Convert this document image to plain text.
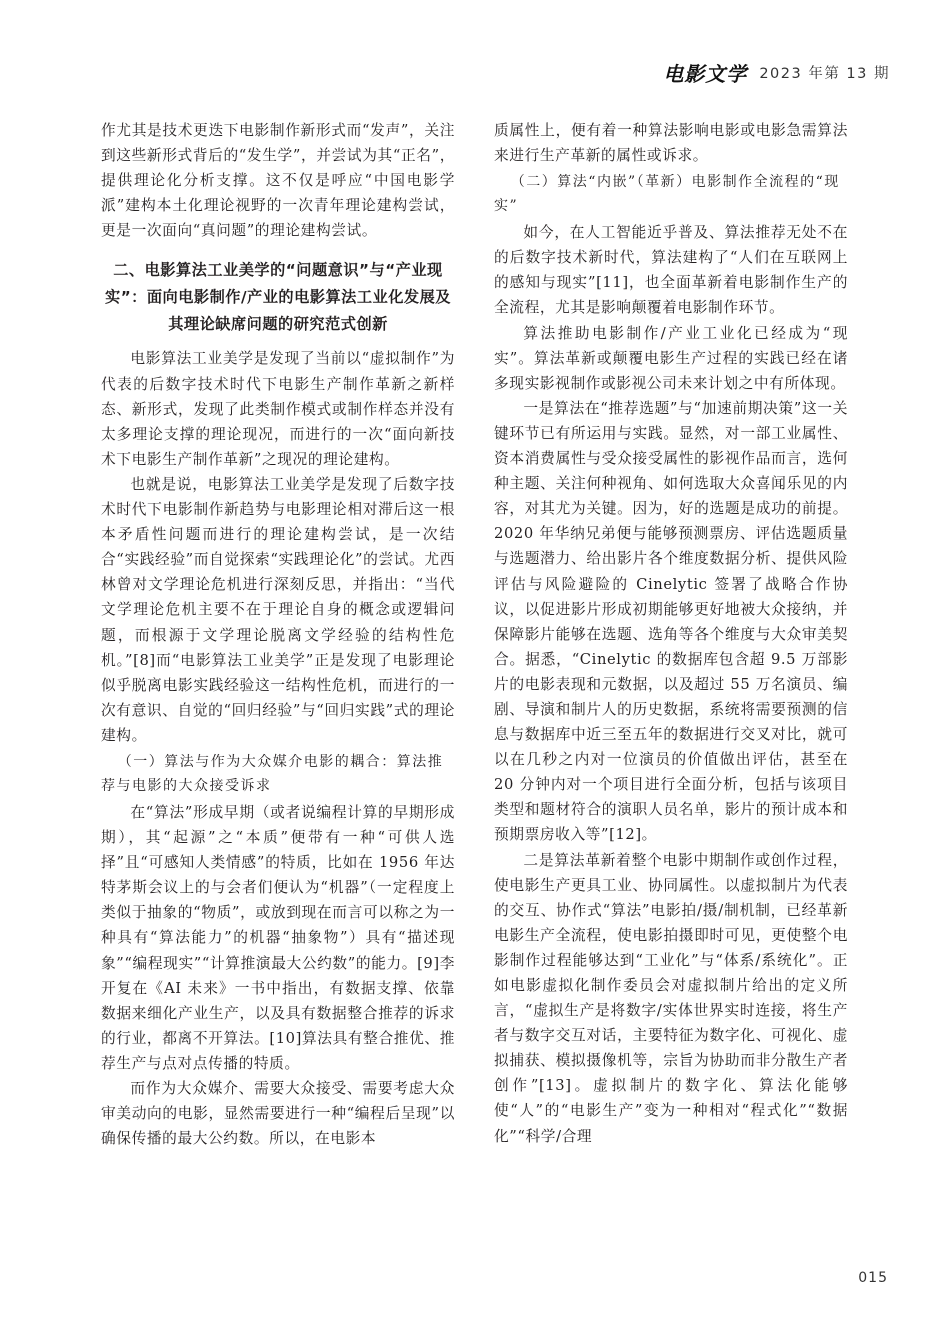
电影文学 2023 年第 13 期

作尤其是技术更迭下电影制作新形式而“发声”，关注到这些新形式背后的“发生学”，并尝试为其“正名”，提供理论化分析支撑。这不仅是呼应“中国电影学派”建构本土化理论视野的一次青年理论建构尝试，更是一次面向“真问题”的理论建构尝试。

二、电影算法工业美学的“问题意识”与“产业现实”：面向电影制作/产业的电影算法工业化发展及其理论缺席问题的研究范式创新

电影算法工业美学是发现了当前以“虚拟制作”为代表的后数字技术时代下电影生产制作革新之新样态、新形式，发现了此类制作模式或制作样态并没有太多理论支撑的理论现况，而进行的一次“面向新技术下电影生产制作革新”之现况的理论建构。

也就是说，电影算法工业美学是发现了后数字技术时代下电影制作新趋势与电影理论相对滞后这一根本矛盾性问题而进行的理论建构尝试，是一次结合“实践经验”而自觉探索“实践理论化”的尝试。尤西林曾对文学理论危机进行深刻反思，并指出：“当代文学理论危机主要不在于理论自身的概念或逻辑问题，而根源于文学理论脱离文学经验的结构性危机。”[8]而“电影算法工业美学”正是发现了电影理论似乎脱离电影实践经验这一结构性危机，而进行的一次有意识、自觉的“回归经验”与“回归实践”式的理论建构。

（一）算法与作为大众媒介电影的耦合：算法推荐与电影的大众接受诉求

在“算法”形成早期（或者说编程计算的早期形成期），其“起源”之“本质”便带有一种“可供人选择”且“可感知人类情感”的特质，比如在 1956 年达特茅斯会议上的与会者们便认为“机器”（一定程度上类似于抽象的“物质”，或放到现在而言可以称之为一种具有“算法能力”的机器“抽象物”）具有“描述现象”“编程现实”“计算推演最大公约数”的能力。[9]李开复在《AI 未来》一书中指出，有数据支撑、依靠数据来细化产业生产，以及具有数据整合推荐的诉求的行业，都离不开算法。[10]算法具有整合推优、推荐生产与点对点传播的特质。

而作为大众媒介、需要大众接受、需要考虑大众审美动向的电影，显然需要进行一种“编程后呈现”以确保传播的最大公约数。所以，在电影本

质属性上，便有着一种算法影响电影或电影急需算法来进行生产革新的属性或诉求。

（二）算法“内嵌”（革新）电影制作全流程的“现实”

如今，在人工智能近乎普及、算法推荐无处不在的后数字技术新时代，算法建构了“人们在互联网上的感知与现实”[11]，也全面革新着电影制作生产的全流程，尤其是影响颠覆着电影制作环节。

算法推助电影制作/产业工业化已经成为“现实”。算法革新或颠覆电影生产过程的实践已经在诸多现实影视制作或影视公司未来计划之中有所体现。

一是算法在“推荐选题”与“加速前期决策”这一关键环节已有所运用与实践。显然，对一部工业属性、资本消费属性与受众接受属性的影视作品而言，选何种主题、关注何种视角、如何选取大众喜闻乐见的内容，对其尤为关键。因为，好的选题是成功的前提。2020 年华纳兄弟便与能够预测票房、评估选题质量与选题潜力、给出影片各个维度数据分析、提供风险评估与风险避险的 Cinelytic 签署了战略合作协议，以促进影片形成初期能够更好地被大众接纳，并保障影片能够在选题、选角等各个维度与大众审美契合。据悉，“Cinelytic 的数据库包含超 9.5 万部影片的电影表现和元数据，以及超过 55 万名演员、编剧、导演和制片人的历史数据，系统将需要预测的信息与数据库中近三至五年的数据进行交叉对比，就可以在几秒之内对一位演员的价值做出评估，甚至在 20 分钟内对一个项目进行全面分析，包括与该项目类型和题材符合的演职人员名单，影片的预计成本和预期票房收入等”[12]。

二是算法革新着整个电影中期制作或创作过程，使电影生产更具工业、协同属性。以虚拟制片为代表的交互、协作式“算法”电影拍/摄/制机制，已经革新电影生产全流程，使电影拍摄即时可见，更使整个电影制作过程能够达到“工业化”与“体系/系统化”。正如电影虚拟化制作委员会对虚拟制片给出的定义所言，“虚拟生产是将数字/实体世界实时连接，将生产者与数字交互对话，主要特征为数字化、可视化、虚拟捕获、模拟摄像机等，宗旨为协助而非分散生产者创作”[13]。虚拟制片的数字化、算法化能够使“人”的“电影生产”变为一种相对“程式化”“数据化”“科学/合理

015
